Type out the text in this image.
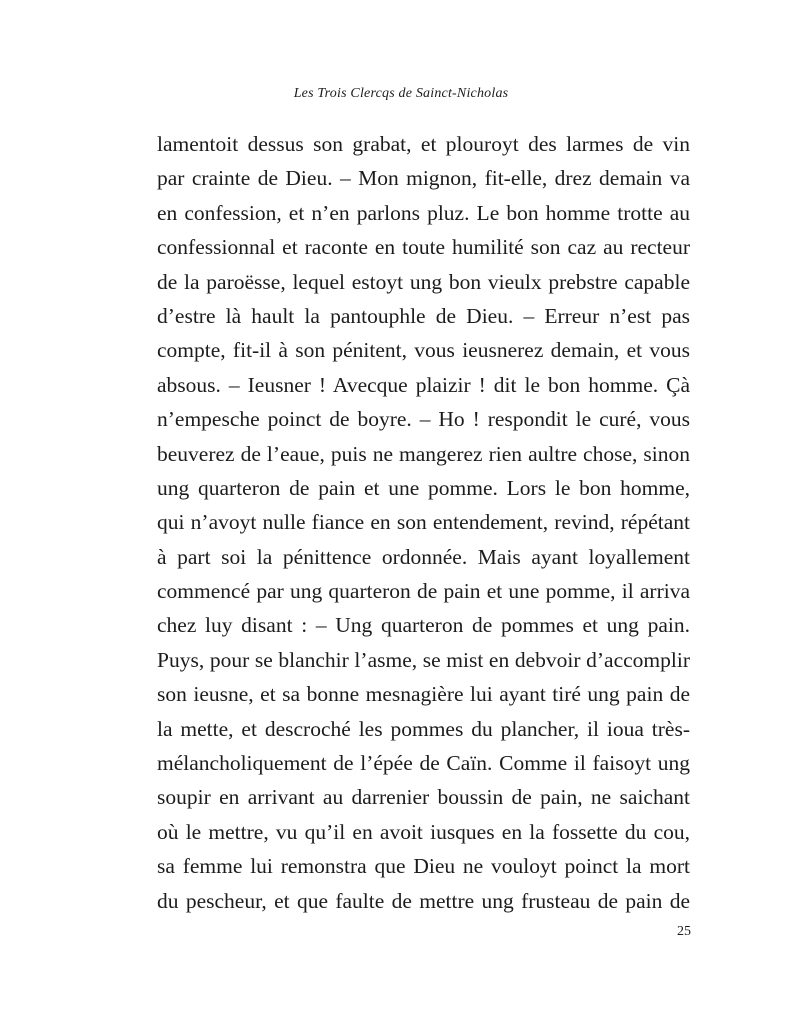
Les Trois Clercqs de Sainct-Nicholas
lamentoit dessus son grabat, et plouroyt des larmes de vin
par crainte de Dieu. – Mon mignon, fit-elle, drez demain va
en confession, et n’en parlons pluz. Le bon homme trotte au
confessionnal et raconte en toute humilité son caz au recteur
de la paroësse, lequel estoyt ung bon vieulx prebstre capable
d’estre là hault la pantouphle de Dieu. – Erreur n’est pas
compte, fit-il à son pénitent, vous ieusnerez demain, et vous
absous. – Ieusner ! Avecque plaizir ! dit le bon homme. Çà
n’empesche poinct de boyre. – Ho ! respondit le curé, vous
beuverez de l’eaue, puis ne mangerez rien aultre chose, sinon
ung quarteron de pain et une pomme. Lors le bon homme,
qui n’avoyt nulle fiance en son entendement, revind, répétant
à part soi la pénittence ordonnée. Mais ayant loyallement
commencé par ung quarteron de pain et une pomme, il arriva
chez luy disant : – Ung quarteron de pommes et ung pain.
Puys, pour se blanchir l’asme, se mist en debvoir d’accomplir
son ieusne, et sa bonne mesnagière lui ayant tiré ung pain de
la mette, et descroché les pommes du plancher, il ioua très-
mélancholiquement de l’épée de Caïn. Comme il faisoyt ung
soupir en arrivant au darrenier boussin de pain, ne saichant
où le mettre, vu qu’il en avoit iusques en la fossette du cou,
sa femme lui remonstra que Dieu ne vouloyt poinct la mort
du pescheur, et que faulte de mettre ung frusteau de pain de
25
